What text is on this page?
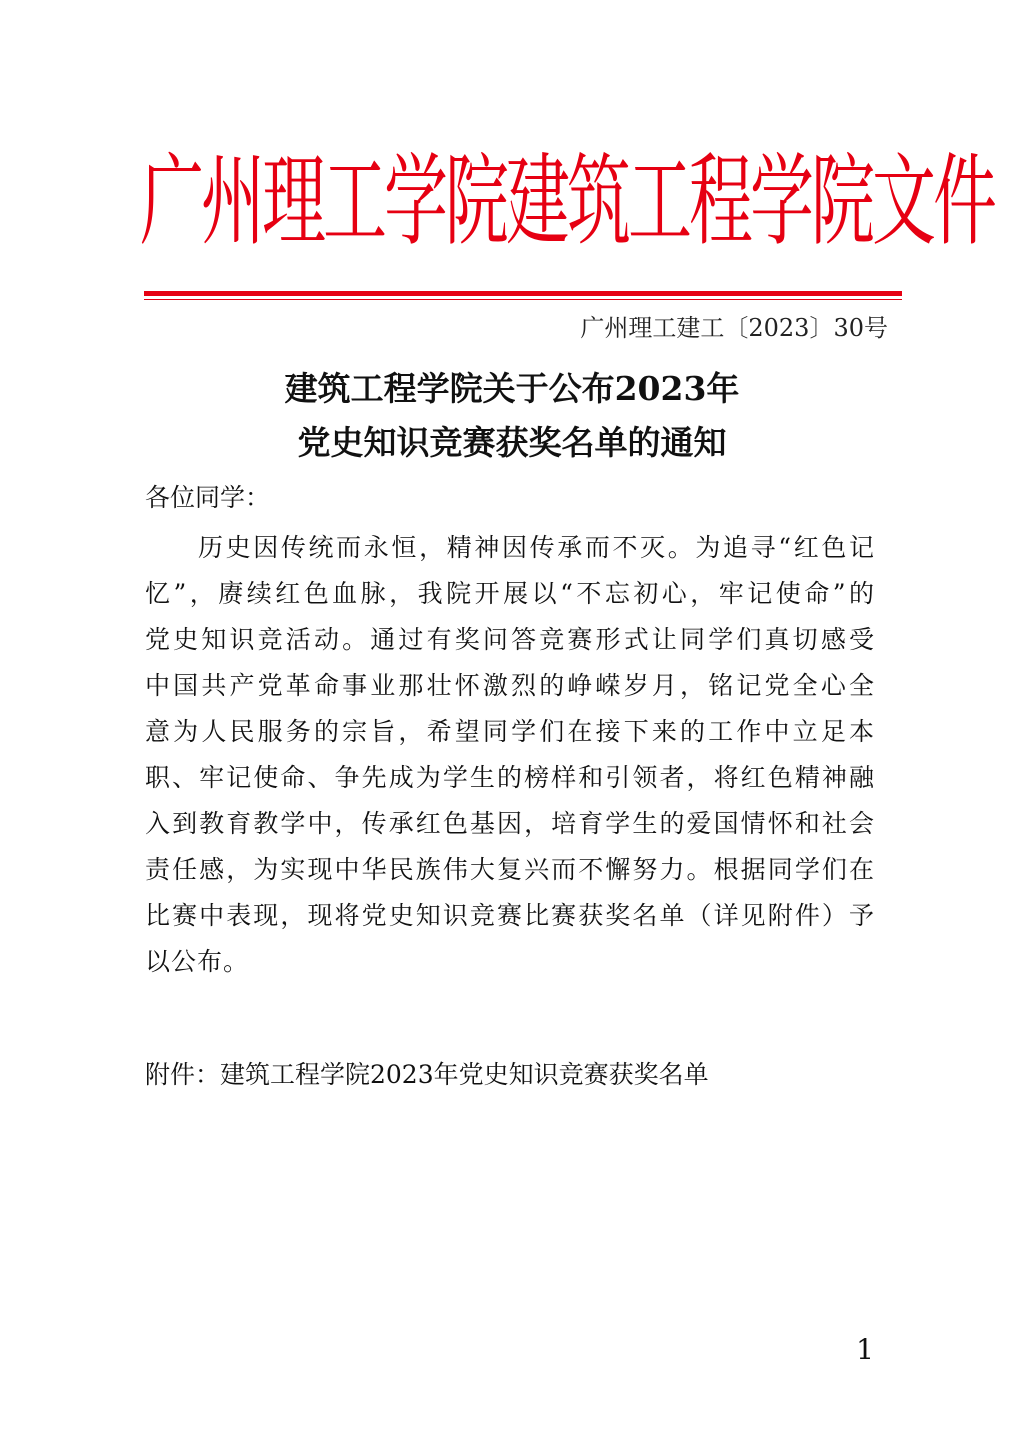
广州理工学院建筑工程学院文件
广州理工建工〔2023〕30号
建筑工程学院关于公布2023年
党史知识竞赛获奖名单的通知
各位同学：
历史因传统而永恒，精神因传承而不灭。为追寻“红色记
忆”，赓续红色血脉，我院开展以“不忘初心，牢记使命”的
党史知识竞活动。通过有奖问答竞赛形式让同学们真切感受
中国共产党革命事业那壮怀激烈的峥嵘岁月，铭记党全心全
意为人民服务的宗旨，希望同学们在接下来的工作中立足本
职、牢记使命、争先成为学生的榜样和引领者，将红色精神融
入到教育教学中，传承红色基因，培育学生的爱国情怀和社会
责任感，为实现中华民族伟大复兴而不懈努力。根据同学们在
比赛中表现，现将党史知识竞赛比赛获奖名单（详见附件）予
以公布。
附件：建筑工程学院2023年党史知识竞赛获奖名单
1
